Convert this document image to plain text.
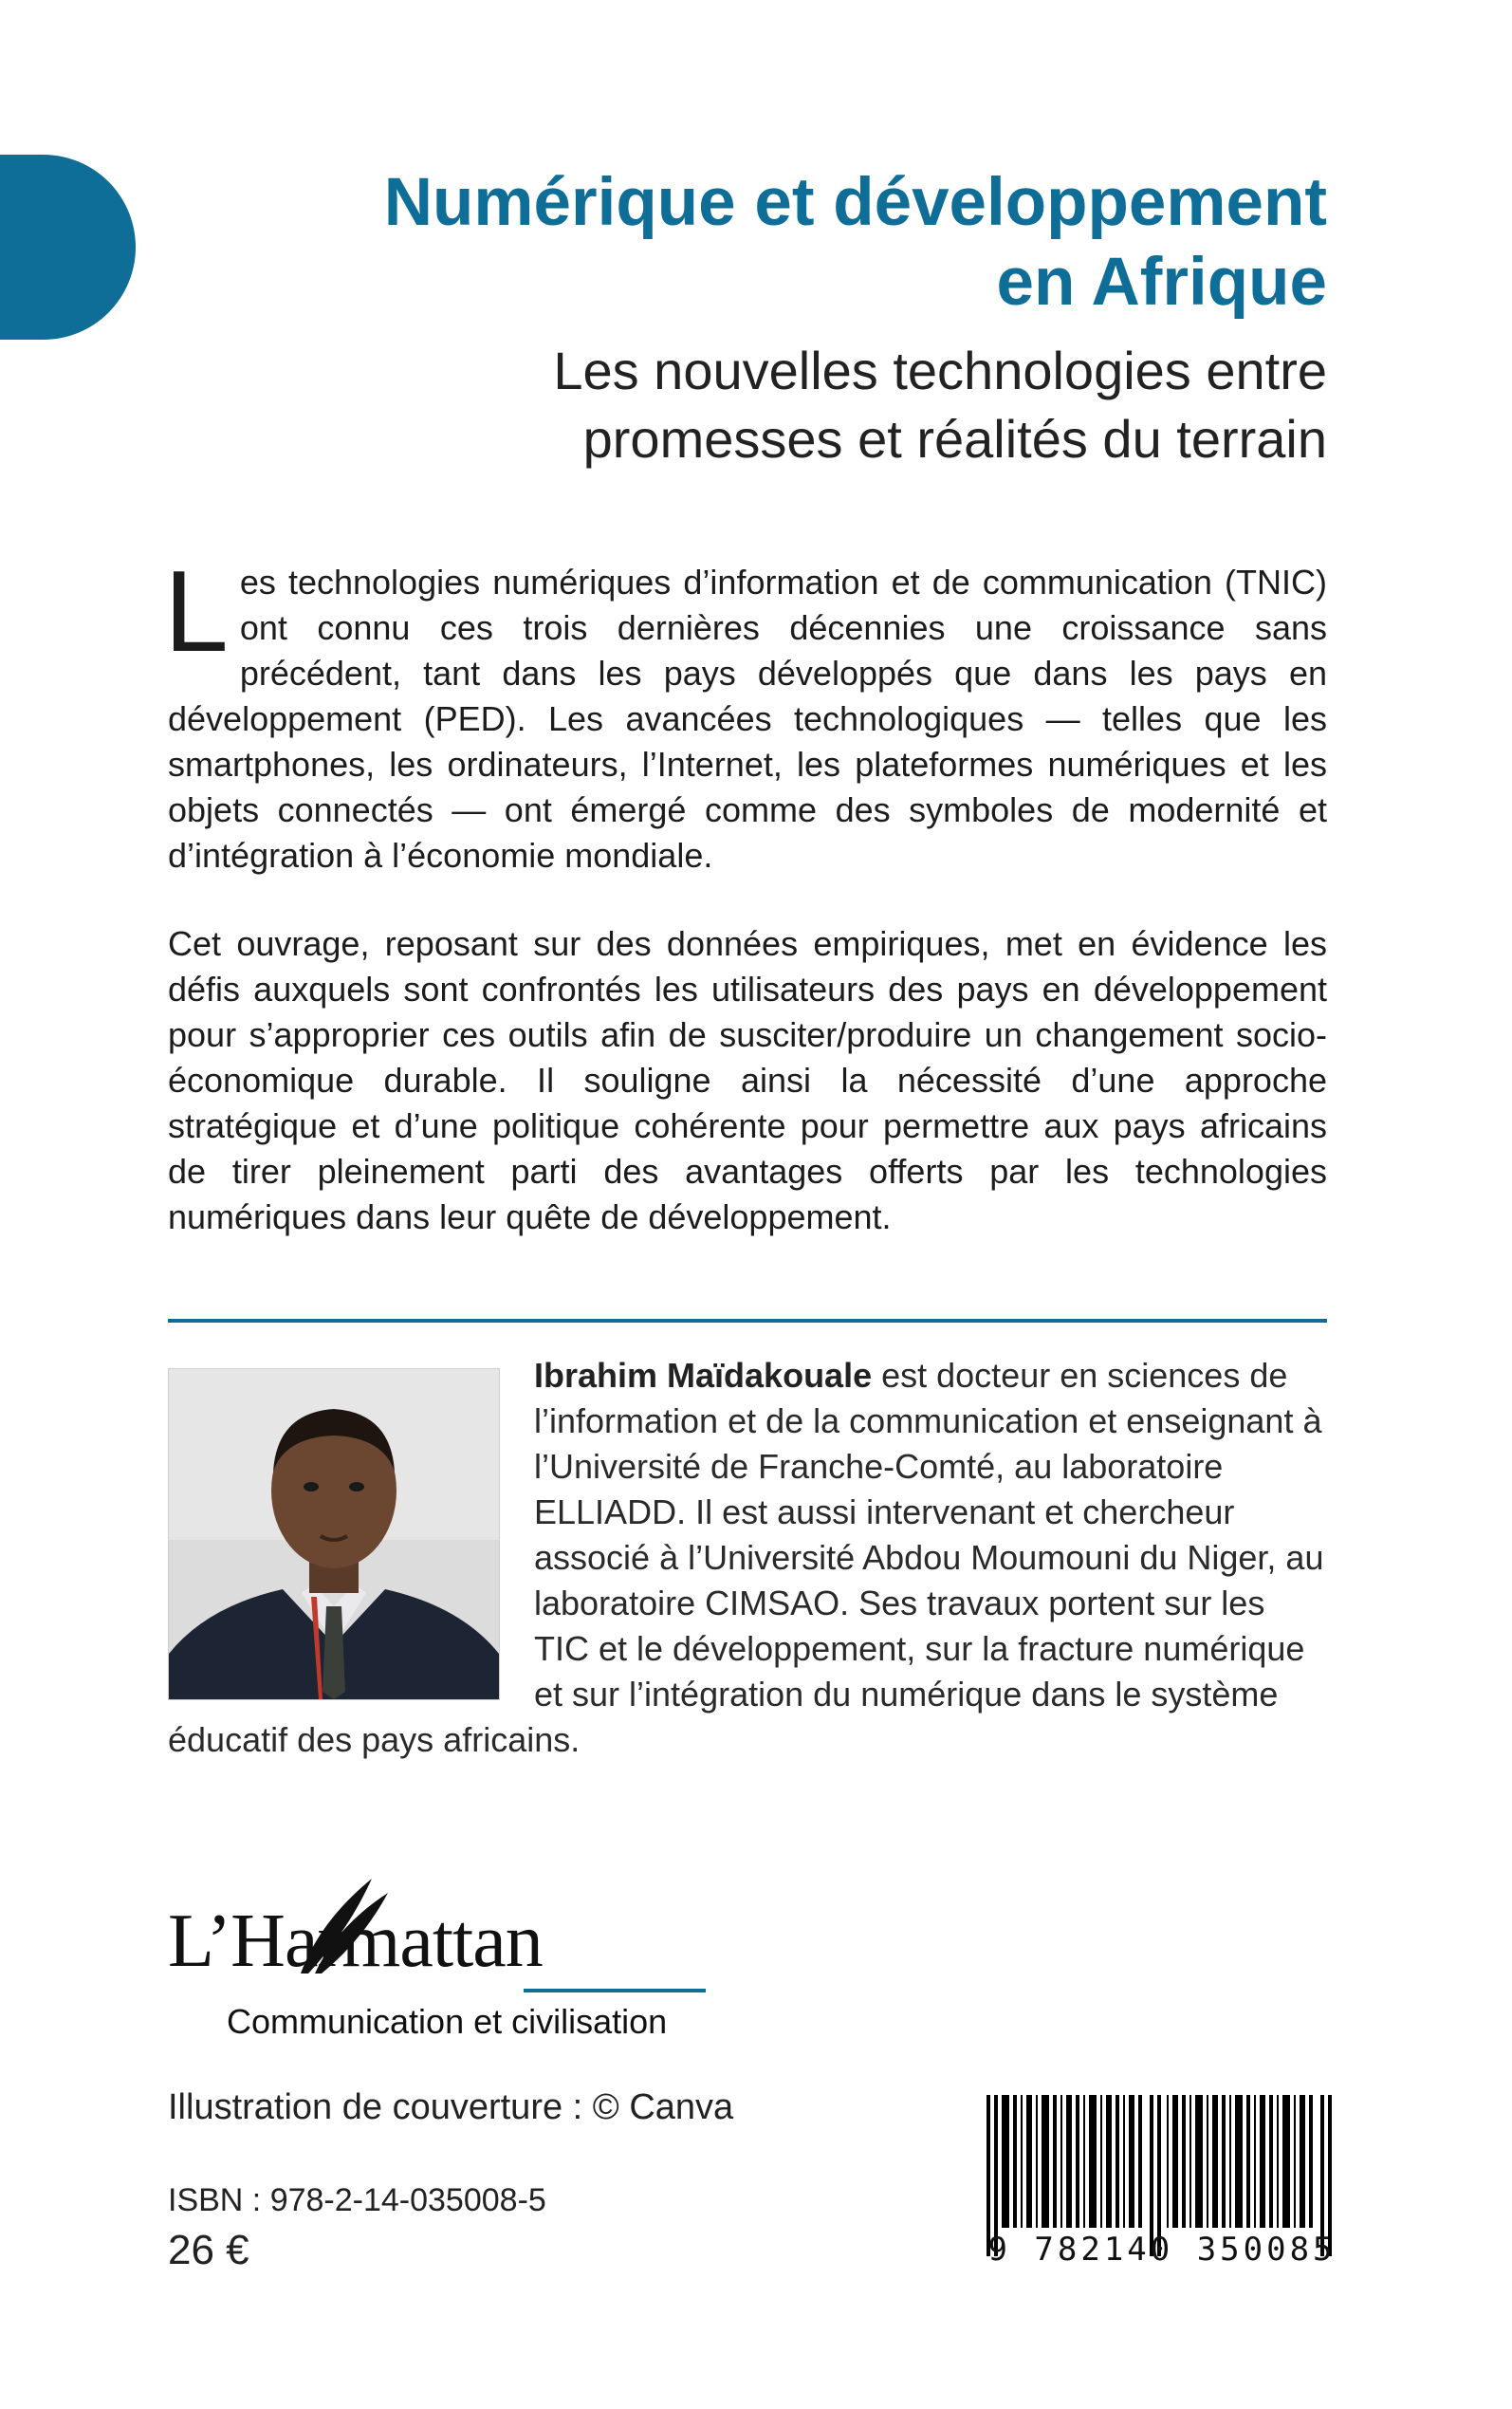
Numérique et développement
en Afrique
Les nouvelles technologies entre
promesses et réalités du terrain

Les technologies numériques d’information et de communication (TNIC) ont connu ces trois dernières décennies une croissance sans précédent, tant dans les pays développés que dans les pays en développement (PED). Les avancées technologiques — telles que les smartphones, les ordinateurs, l’Internet, les plateformes numériques et les objets connectés — ont émergé comme des symboles de modernité et d’intégration à l’économie mondiale.

Cet ouvrage, reposant sur des données empiriques, met en évidence les défis auxquels sont confrontés les utilisateurs des pays en développement pour s’approprier ces outils afin de susciter/produire un changement socio-économique durable. Il souligne ainsi la nécessité d’une approche stratégique et d’une politique cohérente pour permettre aux pays africains de tirer pleinement parti des avantages offerts par les technologies numériques dans leur quête de développement.

Ibrahim Maïdakouale est docteur en sciences de l’information et de la communication et enseignant à l’Université de Franche-Comté, au laboratoire ELLIADD. Il est aussi intervenant et chercheur associé à l’Université Abdou Moumouni du Niger, au laboratoire CIMSAO. Ses travaux portent sur les TIC et le développement, sur la fracture numérique et sur l’intégration du numérique dans le système éducatif des pays africains.
L’Harmattan
Communication et civilisation
Illustration de couverture : © Canva
ISBN : 978-2-14-035008-5
26 €	9 782140 350085
